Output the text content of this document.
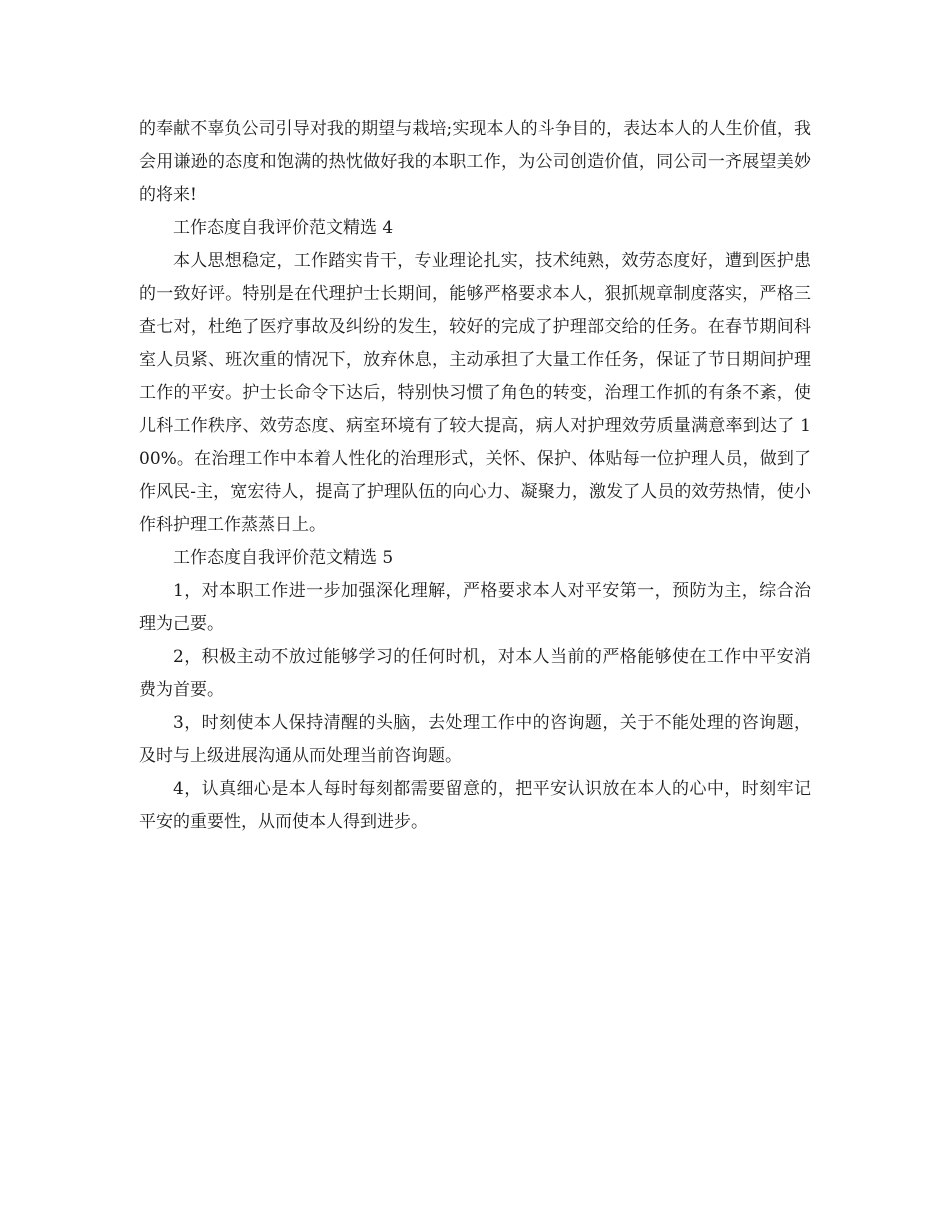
的奉献不辜负公司引导对我的期望与栽培;实现本人的斗争目的，表达本人的人生价值，我会用谦逊的态度和饱满的热忱做好我的本职工作，为公司创造价值，同公司一齐展望美妙的将来!

工作态度自我评价范文精选 4

本人思想稳定，工作踏实肯干，专业理论扎实，技术纯熟，效劳态度好，遭到医护患的一致好评。特别是在代理护士长期间，能够严格要求本人，狠抓规章制度落实，严格三查七对，杜绝了医疗事故及纠纷的发生，较好的完成了护理部交给的任务。在春节期间科室人员紧、班次重的情况下，放弃休息，主动承担了大量工作任务，保证了节日期间护理工作的平安。护士长命令下达后，特别快习惯了角色的转变，治理工作抓的有条不紊，使儿科工作秩序、效劳态度、病室环境有了较大提高，病人对护理效劳质量满意率到达了 100%。在治理工作中本着人性化的治理形式，关怀、保护、体贴每一位护理人员，做到了作风民-主，宽宏待人，提高了护理队伍的向心力、凝聚力，激发了人员的效劳热情，使小作科护理工作蒸蒸日上。

工作态度自我评价范文精选 5

1，对本职工作进一步加强深化理解，严格要求本人对平安第一，预防为主，综合治理为己要。

2，积极主动不放过能够学习的任何时机，对本人当前的严格能够使在工作中平安消费为首要。

3，时刻使本人保持清醒的头脑，去处理工作中的咨询题，关于不能处理的咨询题，及时与上级进展沟通从而处理当前咨询题。

4，认真细心是本人每时每刻都需要留意的，把平安认识放在本人的心中，时刻牢记平安的重要性，从而使本人得到进步。
